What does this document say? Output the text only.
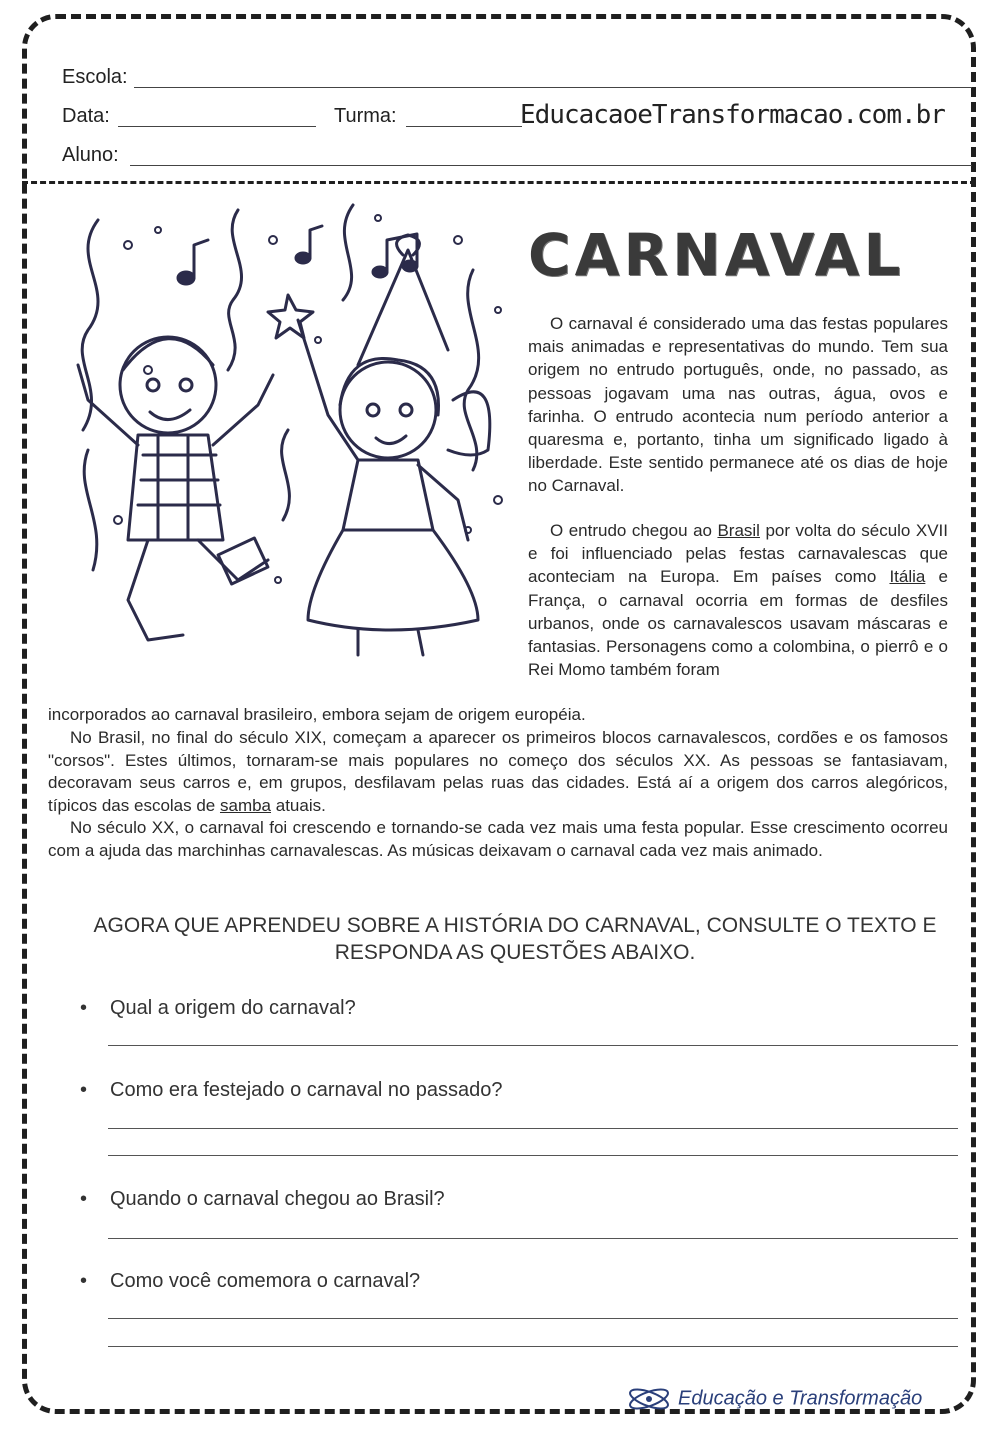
Escola:
Data:	Turma:	EducacaoeTransformacao.com.br
Aluno:
CARNAVAL
O carnaval é considerado uma das festas populares mais animadas e representativas do mundo. Tem sua origem no entrudo português, onde, no passado, as pessoas jogavam uma nas outras, água, ovos e farinha. O entrudo acontecia num período anterior a quaresma e, portanto, tinha um significado ligado à liberdade. Este sentido permanece até os dias de hoje no Carnaval.
O entrudo chegou ao Brasil por volta do século XVII e foi influenciado pelas festas carnavalescas que aconteciam na Europa. Em países como Itália e França, o carnaval ocorria em formas de desfiles urbanos, onde os carnavalescos usavam máscaras e fantasias. Personagens como a colombina, o pierrô e o Rei Momo também foram
incorporados ao carnaval brasileiro, embora sejam de origem européia.
No Brasil, no final do século XIX, começam a aparecer os primeiros blocos carnavalescos, cordões e os famosos "corsos". Estes últimos, tornaram-se mais populares no começo dos séculos XX. As pessoas se fantasiavam, decoravam seus carros e, em grupos, desfilavam pelas ruas das cidades. Está aí a origem dos carros alegóricos, típicos das escolas de samba atuais.
No século XX, o carnaval foi crescendo e tornando-se cada vez mais uma festa popular. Esse crescimento ocorreu com a ajuda das marchinhas carnavalescas. As músicas deixavam o carnaval cada vez mais animado.
AGORA QUE APRENDEU SOBRE A HISTÓRIA DO CARNAVAL, CONSULTE O TEXTO E RESPONDA AS QUESTÕES ABAIXO.
• Qual a origem do carnaval?
• Como era festejado o carnaval no passado?
• Quando o carnaval chegou ao Brasil?
• Como você comemora o carnaval?
Educação e Transformação
